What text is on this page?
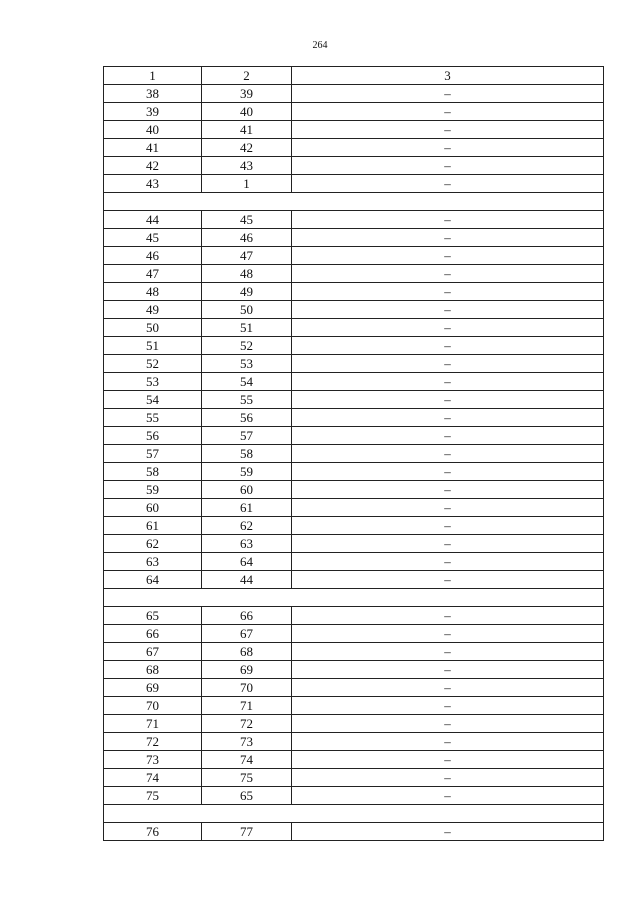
264
1	2	3
38	39	–
39	40	–
40	41	–
41	42	–
42	43	–
43	1	–

44	45	–
45	46	–
46	47	–
47	48	–
48	49	–
49	50	–
50	51	–
51	52	–
52	53	–
53	54	–
54	55	–
55	56	–
56	57	–
57	58	–
58	59	–
59	60	–
60	61	–
61	62	–
62	63	–
63	64	–
64	44	–

65	66	–
66	67	–
67	68	–
68	69	–
69	70	–
70	71	–
71	72	–
72	73	–
73	74	–
74	75	–
75	65	–

76	77	–
